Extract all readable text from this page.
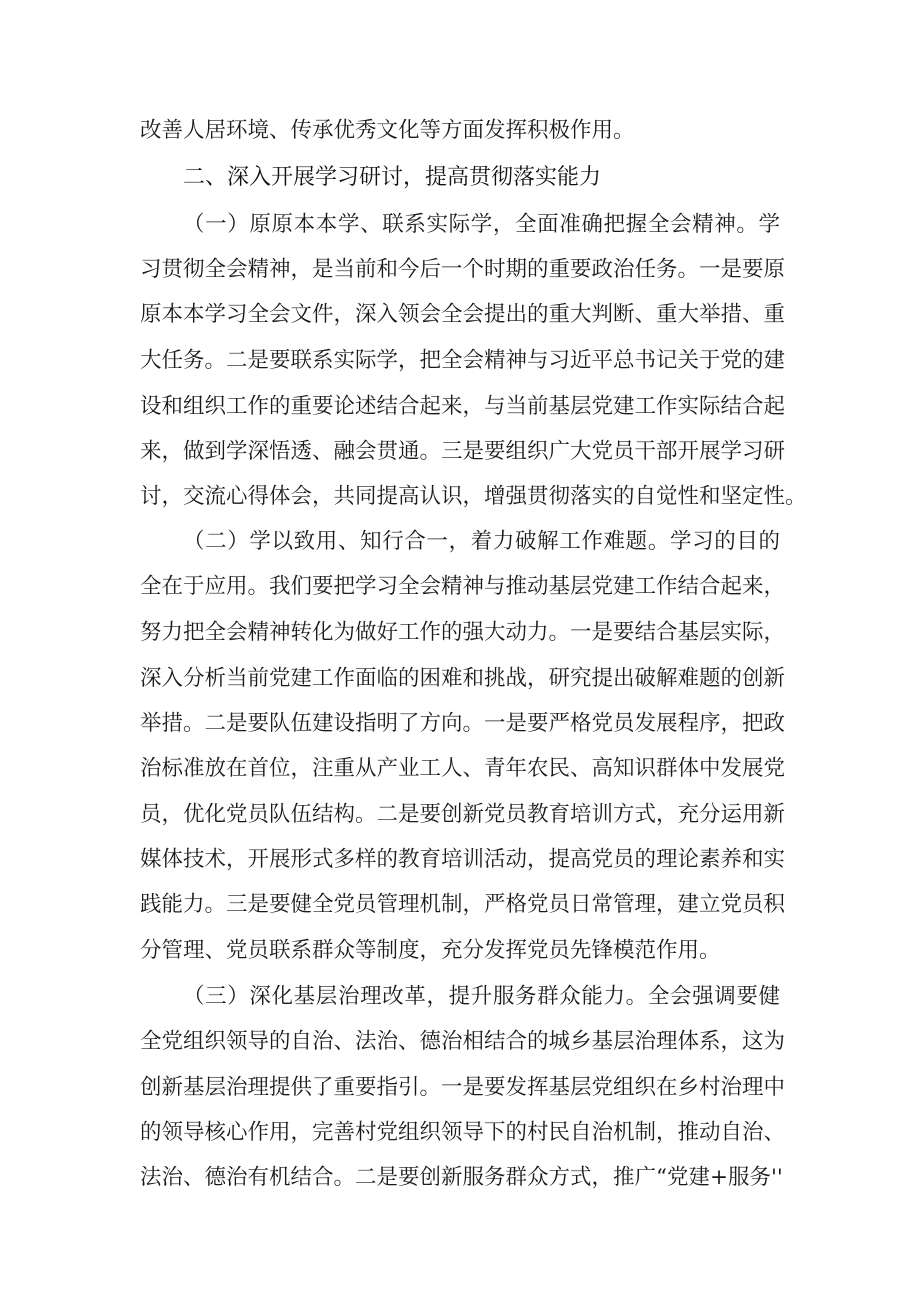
改善人居环境、传承优秀文化等方面发挥积极作用。
二、深入开展学习研讨，提高贯彻落实能力
（一）原原本本学、联系实际学，全面准确把握全会精神。学
习贯彻全会精神，是当前和今后一个时期的重要政治任务。一是要原
原本本学习全会文件，深入领会全会提出的重大判断、重大举措、重
大任务。二是要联系实际学，把全会精神与习近平总书记关于党的建
设和组织工作的重要论述结合起来，与当前基层党建工作实际结合起
来，做到学深悟透、融会贯通。三是要组织广大党员干部开展学习研
讨，交流心得体会，共同提高认识，增强贯彻落实的自觉性和坚定性。
（二）学以致用、知行合一，着力破解工作难题。学习的目的
全在于应用。我们要把学习全会精神与推动基层党建工作结合起来，
努力把全会精神转化为做好工作的强大动力。一是要结合基层实际，
深入分析当前党建工作面临的困难和挑战，研究提出破解难题的创新
举措。二是要队伍建设指明了方向。一是要严格党员发展程序，把政
治标准放在首位，注重从产业工人、青年农民、高知识群体中发展党
员，优化党员队伍结构。二是要创新党员教育培训方式，充分运用新
媒体技术，开展形式多样的教育培训活动，提高党员的理论素养和实
践能力。三是要健全党员管理机制，严格党员日常管理，建立党员积
分管理、党员联系群众等制度，充分发挥党员先锋模范作用。
（三）深化基层治理改革，提升服务群众能力。全会强调要健
全党组织领导的自治、法治、德治相结合的城乡基层治理体系，这为
创新基层治理提供了重要指引。一是要发挥基层党组织在乡村治理中
的领导核心作用，完善村党组织领导下的村民自治机制，推动自治、
法治、德治有机结合。二是要创新服务群众方式，推广“党建+服务''
